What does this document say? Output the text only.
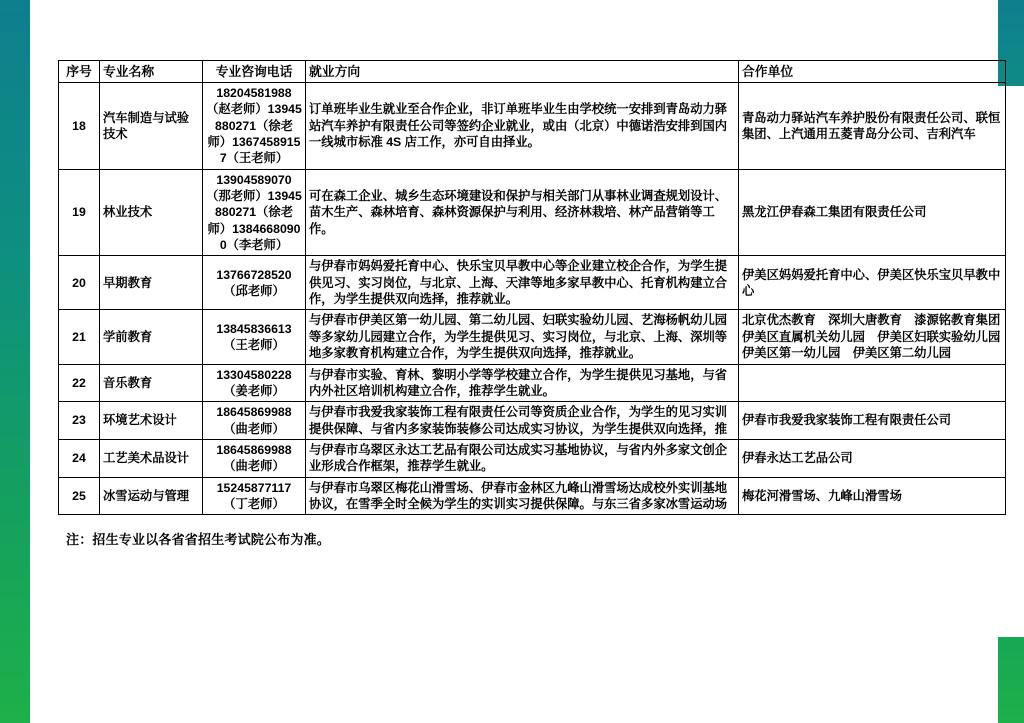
序号	专业名称	专业咨询电话	就业方向	合作单位
18	汽车制造与试验技术	18204581988（赵老师）13945880271（徐老师）13674589157（王老师）	订单班毕业生就业至合作企业，非订单班毕业生由学校统一安排到青岛动力驿站汽车养护有限责任公司等签约企业就业，或由（北京）中德诺浩安排到国内一线城市标准 4S 店工作，亦可自由择业。	青岛动力驿站汽车养护股份有限责任公司、联恒集团、上汽通用五菱青岛分公司、吉利汽车
19	林业技术	13904589070（那老师）13945880271（徐老师）13846680900（李老师）	可在森工企业、城乡生态环境建设和保护与相关部门从事林业调查规划设计、苗木生产、森林培育、森林资源保护与利用、经济林栽培、林产品营销等工作。	黑龙江伊春森工集团有限责任公司
20	早期教育	13766728520（邱老师）	与伊春市妈妈爱托育中心、快乐宝贝早教中心等企业建立校企合作，为学生提供见习、实习岗位，与北京、上海、天津等地多家早教中心、托育机构建立合作，为学生提供双向选择，推荐就业。	伊美区妈妈爱托育中心、伊美区快乐宝贝早教中心
21	学前教育	13845836613（王老师）	与伊春市伊美区第一幼儿园、第二幼儿园、妇联实验幼儿园、艺海杨帆幼儿园等多家幼儿园建立合作，为学生提供见习、实习岗位，与北京、上海、深圳等地多家教育机构建立合作，为学生提供双向选择，推荐就业。	北京优杰教育　深圳大唐教育　漆源铭教育集团　伊美区直属机关幼儿园　伊美区妇联实验幼儿园　伊美区第一幼儿园　伊美区第二幼儿园
22	音乐教育	13304580228（姜老师）	与伊春市实验、育林、黎明小学等学校建立合作，为学生提供见习基地，与省内外社区培训机构建立合作，推荐学生就业。	
23	环境艺术设计	18645869988（曲老师）	与伊春市我爱我家装饰工程有限责任公司等资质企业合作，为学生的见习实训提供保障、与省内多家装饰装修公司达成实习协议，为学生提供双向选择，推	伊春市我爱我家装饰工程有限责任公司
24	工艺美术品设计	18645869988（曲老师）	与伊春市乌翠区永达工艺品有限公司达成实习基地协议，与省内外多家文创企业形成合作框架，推荐学生就业。	伊春永达工艺品公司
25	冰雪运动与管理	15245877117（丁老师）	与伊春市乌翠区梅花山滑雪场、伊春市金林区九峰山滑雪场达成校外实训基地协议，在雪季全时全候为学生的实训实习提供保障。与东三省多家冰雪运动场	梅花河滑雪场、九峰山滑雪场
注：招生专业以各省省招生考试院公布为准。
